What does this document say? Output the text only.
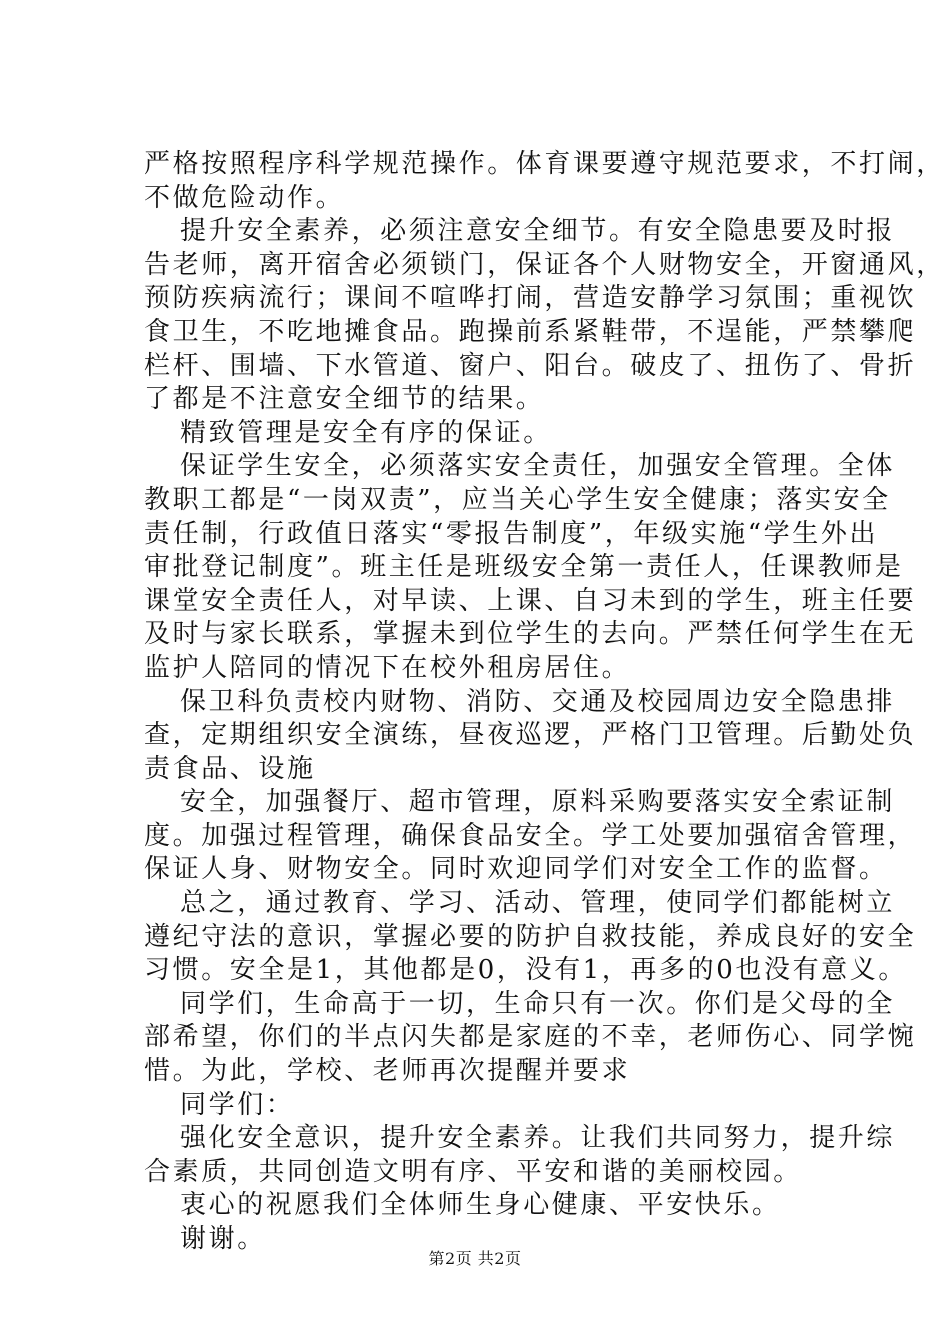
严格按照程序科学规范操作。体育课要遵守规范要求，不打闹，
不做危险动作。
提升安全素养，必须注意安全细节。有安全隐患要及时报
告老师，离开宿舍必须锁门，保证各个人财物安全，开窗通风，
预防疾病流行；课间不喧哗打闹，营造安静学习氛围；重视饮
食卫生，不吃地摊食品。跑操前系紧鞋带，不逞能，严禁攀爬
栏杆、围墙、下水管道、窗户、阳台。破皮了、扭伤了、骨折
了都是不注意安全细节的结果。
精致管理是安全有序的保证。
保证学生安全，必须落实安全责任，加强安全管理。全体
教职工都是“一岗双责”，应当关心学生安全健康；落实安全
责任制，行政值日落实“零报告制度”，年级实施“学生外出
审批登记制度”。班主任是班级安全第一责任人，任课教师是
课堂安全责任人，对早读、上课、自习未到的学生，班主任要
及时与家长联系，掌握未到位学生的去向。严禁任何学生在无
监护人陪同的情况下在校外租房居住。
保卫科负责校内财物、消防、交通及校园周边安全隐患排
查，定期组织安全演练，昼夜巡逻，严格门卫管理。后勤处负
责食品、设施
安全，加强餐厅、超市管理，原料采购要落实安全索证制
度。加强过程管理，确保食品安全。学工处要加强宿舍管理，
保证人身、财物安全。同时欢迎同学们对安全工作的监督。
总之，通过教育、学习、活动、管理，使同学们都能树立
遵纪守法的意识，掌握必要的防护自救技能，养成良好的安全
习惯。安全是1，其他都是0，没有1，再多的0也没有意义。
同学们，生命高于一切，生命只有一次。你们是父母的全
部希望，你们的半点闪失都是家庭的不幸，老师伤心、同学惋
惜。为此，学校、老师再次提醒并要求
同学们：
强化安全意识，提升安全素养。让我们共同努力，提升综
合素质，共同创造文明有序、平安和谐的美丽校园。
衷心的祝愿我们全体师生身心健康、平安快乐。
谢谢。
第2页 共2页
